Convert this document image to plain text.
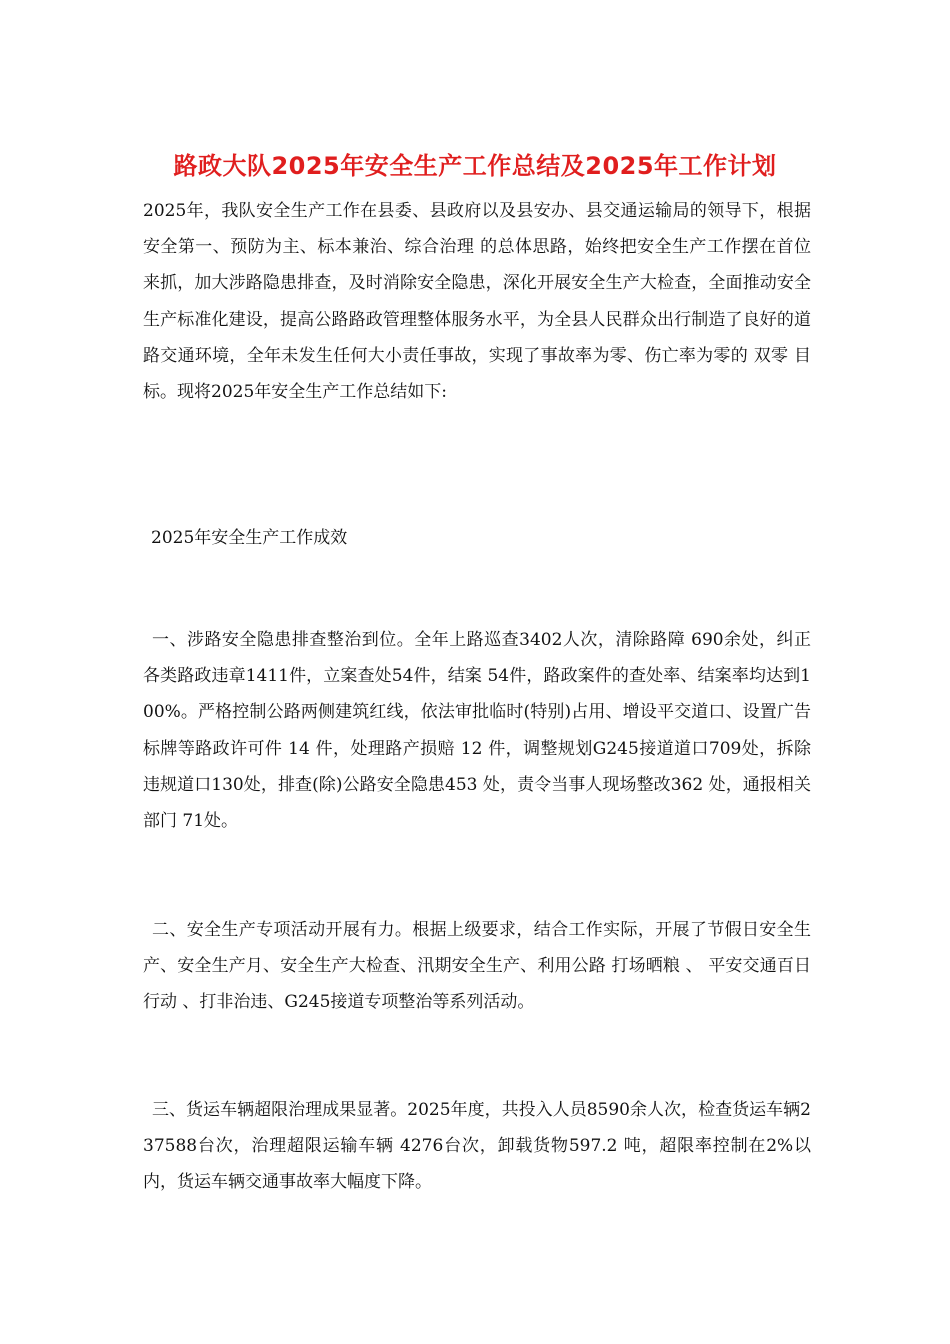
路政大队2025年安全生产工作总结及2025年工作计划

2025年，我队安全生产工作在县委、县政府以及县安办、县交通运输局的领导下，根据 安全第一、预防为主、标本兼治、综合治理 的总体思路，始终把安全生产工作摆在首位来抓，加大涉路隐患排查，及时消除安全隐患，深化开展安全生产大检查，全面推动安全生产标准化建设，提高公路路政管理整体服务水平，为全县人民群众出行制造了良好的道路交通环境，全年未发生任何大小责任事故，实现了事故率为零、伤亡率为零的 双零 目标。现将2025年安全生产工作总结如下:

2025年安全生产工作成效

一、涉路安全隐患排查整治到位。全年上路巡查3402人次，清除路障 690余处，纠正各类路政违章1411件，立案查处54件，结案 54件，路政案件的查处率、结案率均达到100%。严格控制公路两侧建筑红线，依法审批临时(特别)占用、增设平交道口、设置广告标牌等路政许可件 14 件，处理路产损赔 12 件，调整规划G245接道道口709处，拆除违规道口130处，排查(除)公路安全隐患453 处，责令当事人现场整改362 处，通报相关部门 71处。

二、安全生产专项活动开展有力。根据上级要求，结合工作实际，开展了节假日安全生产、安全生产月、安全生产大检查、汛期安全生产、利用公路 打场晒粮 、 平安交通百日行动 、打非治违、G245接道专项整治等系列活动。

三、货运车辆超限治理成果显著。2025年度，共投入人员8590余人次，检查货运车辆237588台次，治理超限运输车辆 4276台次，卸载货物597.2 吨，超限率控制在2%以内，货运车辆交通事故率大幅度下降。
